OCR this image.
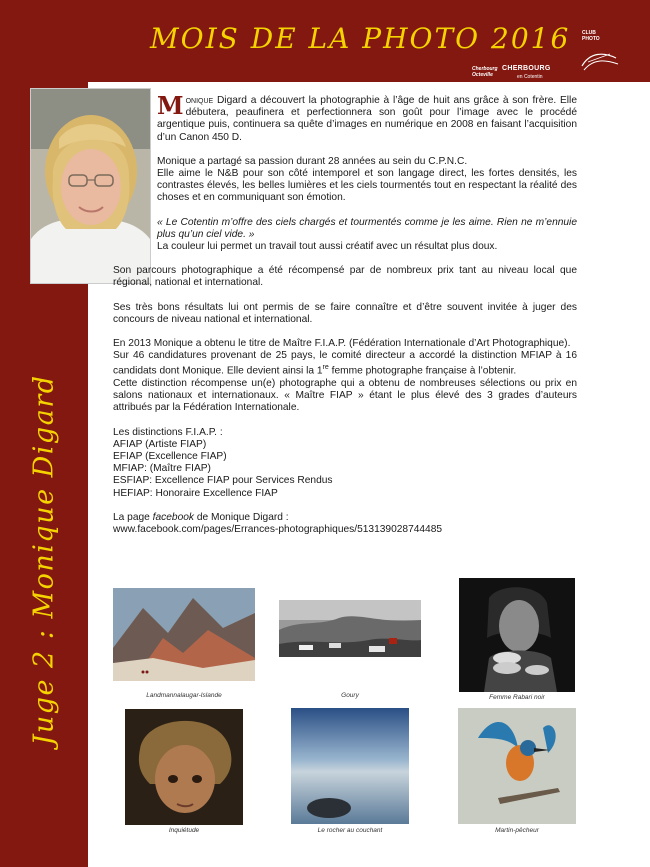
MOIS DE LA PHOTO 2016
Cherbourg Octeville
CHERBOURG
en Cotentin
CLUB PHOTO
Juge 2 : Monique Digard

Monique Digard a découvert la photographie à l’âge de huit ans grâce à son frère. Elle débutera, peaufinera et perfectionnera son goût pour l’image avec le procédé argentique puis, continuera sa quête d’images en numérique en 2008 en faisant l’acquisition d’un Canon 450 D.

Monique a partagé sa passion durant 28 années au sein du C.P.N.C.
Elle aime le N&B pour son côté intemporel et son langage direct, les fortes densités, les contrastes élevés, les belles lumières et les ciels tourmentés tout en respectant la réalité des choses et en communiquant son émotion.

« Le Cotentin m’offre des ciels chargés et tourmentés comme je les aime. Rien ne m’ennuie plus qu’un ciel vide. »
La couleur lui permet un travail tout aussi créatif avec un résultat plus doux.

Son parcours photographique a été récompensé par de nombreux prix tant au niveau local que régional, national et international.

Ses très bons résultats lui ont permis de se faire connaître et d’être souvent invitée à juger des concours de niveau national et international.

En 2013 Monique a obtenu le titre de Maître F.I.A.P. (Fédération Internationale d’Art Photographique).
Sur 46 candidatures provenant de 25 pays, le comité directeur a accordé la distinction MFIAP à 16 candidats dont Monique. Elle devient ainsi la 1re femme photographe française à l’obtenir.
Cette distinction récompense un(e) photographe qui a obtenu de nombreuses sélections ou prix en salons nationaux et internationaux. « Maître FIAP » étant le plus élevé des 3 grades d’auteurs attribués par la Fédération Internationale.

Les distinctions F.I.A.P. :
AFIAP (Artiste FIAP)
EFIAP (Excellence FIAP)
MFIAP: (Maître FIAP)
ESFIAP: Excellence FIAP pour Services Rendus
HEFIAP: Honoraire Excellence FIAP

La page facebook de Monique Digard :
www.facebook.com/pages/Errances-photographiques/513139028744485

Landmannalaugar-Islande	Goury	Femme Rabari noir
Inquiétude	Le rocher au couchant	Martin-pêcheur
